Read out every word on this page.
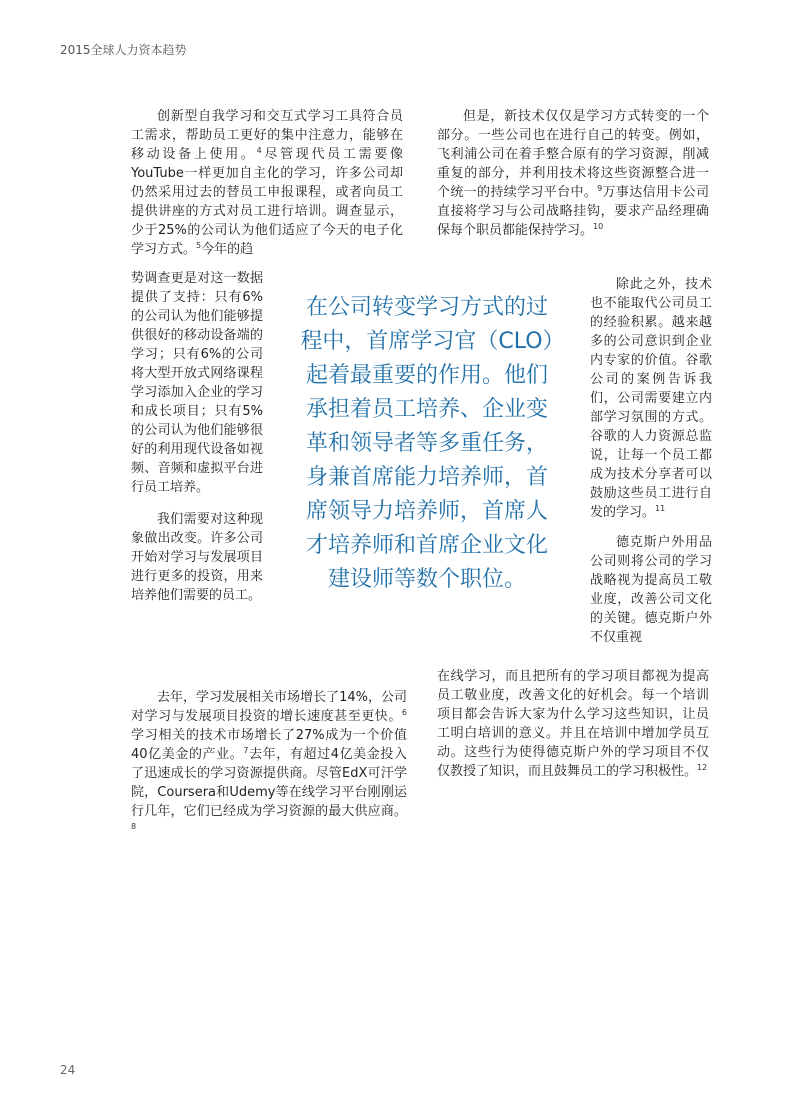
2015全球人力资本趋势

创新型自我学习和交互式学习工具符合员工需求，帮助员工更好的集中注意力，能够在移动设备上使用。$^4$尽管现代员工需要像YouTube一样更加自主化的学习，许多公司却仍然采用过去的替员工申报课程，或者向员工提供讲座的方式对员工进行培训。调查显示，少于25%的公司认为他们适应了今天的电子化学习方式。$^5$今年的趋

势调查更是对这一数据提供了支持：只有6%的公司认为他们能够提供很好的移动设备端的学习；只有6%的公司将大型开放式网络课程学习添加入企业的学习和成长项目；只有5%的公司认为他们能够很好的利用现代设备如视频、音频和虚拟平台进行员工培养。

我们需要对这种现象做出改变。许多公司开始对学习与发展项目进行更多的投资，用来培养他们需要的员工。

去年，学习发展相关市场增长了14%，公司对学习与发展项目投资的增长速度甚至更快。$^6$学习相关的技术市场增长了27%成为一个价值40亿美金的产业。$^7$去年，有超过4亿美金投入了迅速成长的学习资源提供商。尽管EdX可汗学院，Coursera和Udemy等在线学习平台刚刚运行几年，它们已经成为学习资源的最大供应商。$^8$

但是，新技术仅仅是学习方式转变的一个部分。一些公司也在进行自己的转变。例如，飞利浦公司在着手整合原有的学习资源，削减重复的部分，并利用技术将这些资源整合进一个统一的持续学习平台中。$^9$万事达信用卡公司直接将学习与公司战略挂钩，要求产品经理确保每个职员都能保持学习。$^{10}$

除此之外，技术也不能取代公司员工的经验积累。越来越多的公司意识到企业内专家的价值。谷歌公司的案例告诉我们，公司需要建立内部学习氛围的方式。谷歌的人力资源总监说，让每一个员工都成为技术分享者可以鼓励这些员工进行自发的学习。$^{11}$

德克斯户外用品公司则将公司的学习战略视为提高员工敬业度，改善公司文化的关键。德克斯户外不仅重视

在线学习，而且把所有的学习项目都视为提高员工敬业度，改善文化的好机会。每一个培训项目都会告诉大家为什么学习这些知识，让员工明白培训的意义。并且在培训中增加学员互动。这些行为使得德克斯户外的学习项目不仅仅教授了知识，而且鼓舞员工的学习积极性。$^{12}$

在公司转变学习方式的过程中，首席学习官（CLO）起着最重要的作用。他们承担着员工培养、企业变革和领导者等多重任务，身兼首席能力培养师，首席领导力培养师，首席人才培养师和首席企业文化建设师等数个职位。
24
